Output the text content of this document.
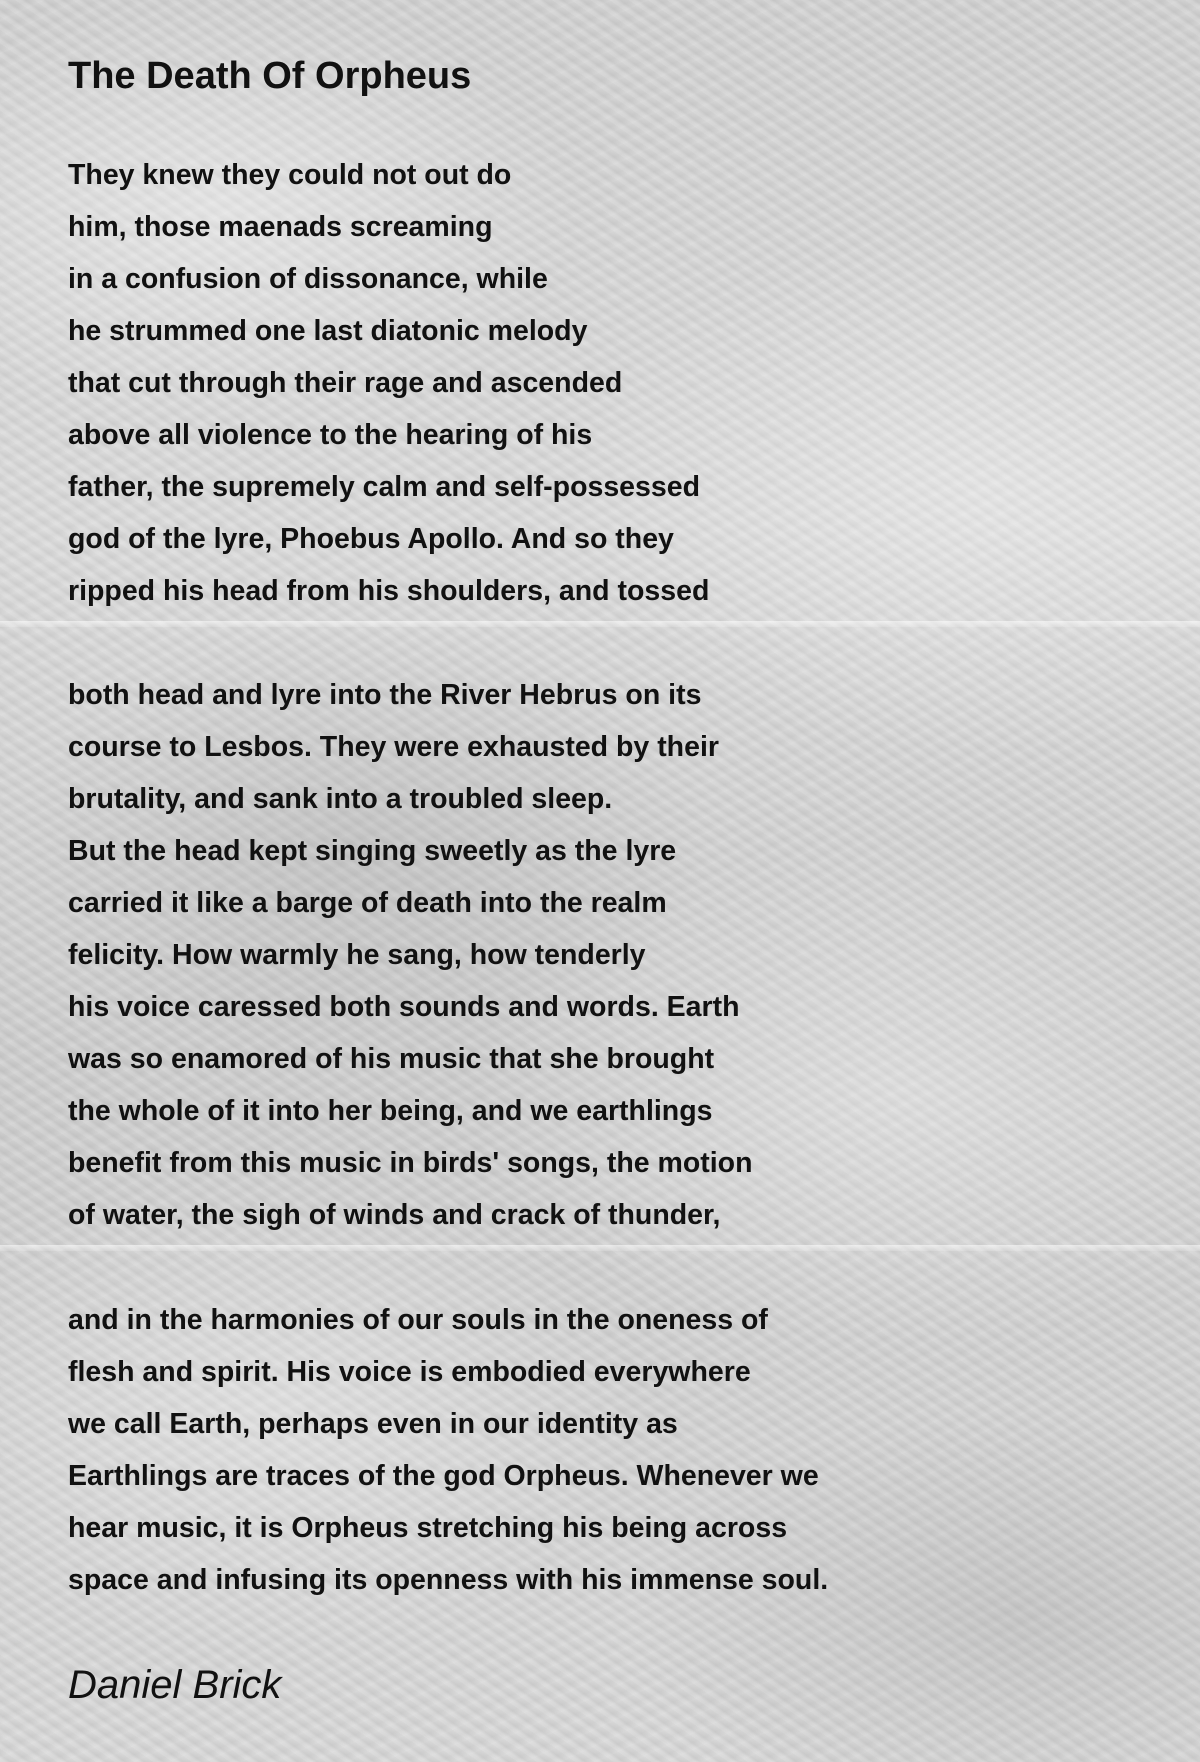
The Death Of Orpheus
They knew they could not out do
him, those maenads screaming
in a confusion of dissonance, while
he strummed one last diatonic melody
that cut through their rage and ascended
above all violence to the hearing of his
father, the supremely calm and self-possessed
god of the lyre, Phoebus Apollo. And so they
ripped his head from his shoulders, and tossed
both head and lyre into the River Hebrus on its
course to Lesbos. They were exhausted by their
brutality, and sank into a troubled sleep.
But the head kept singing sweetly as the lyre
carried it like a barge of death into the realm
felicity. How warmly he sang, how tenderly
his voice caressed both sounds and words. Earth
was so enamored of his music that she brought
the whole of it into her being, and we earthlings
benefit from this music in birds' songs, the motion
of water, the sigh of winds and crack of thunder,
and in the harmonies of our souls in the oneness of
flesh and spirit. His voice is embodied everywhere
we call Earth, perhaps even in our identity as
Earthlings are traces of the god Orpheus. Whenever we
hear music, it is Orpheus stretching his being across
space and infusing its openness with his immense soul.

Daniel Brick
